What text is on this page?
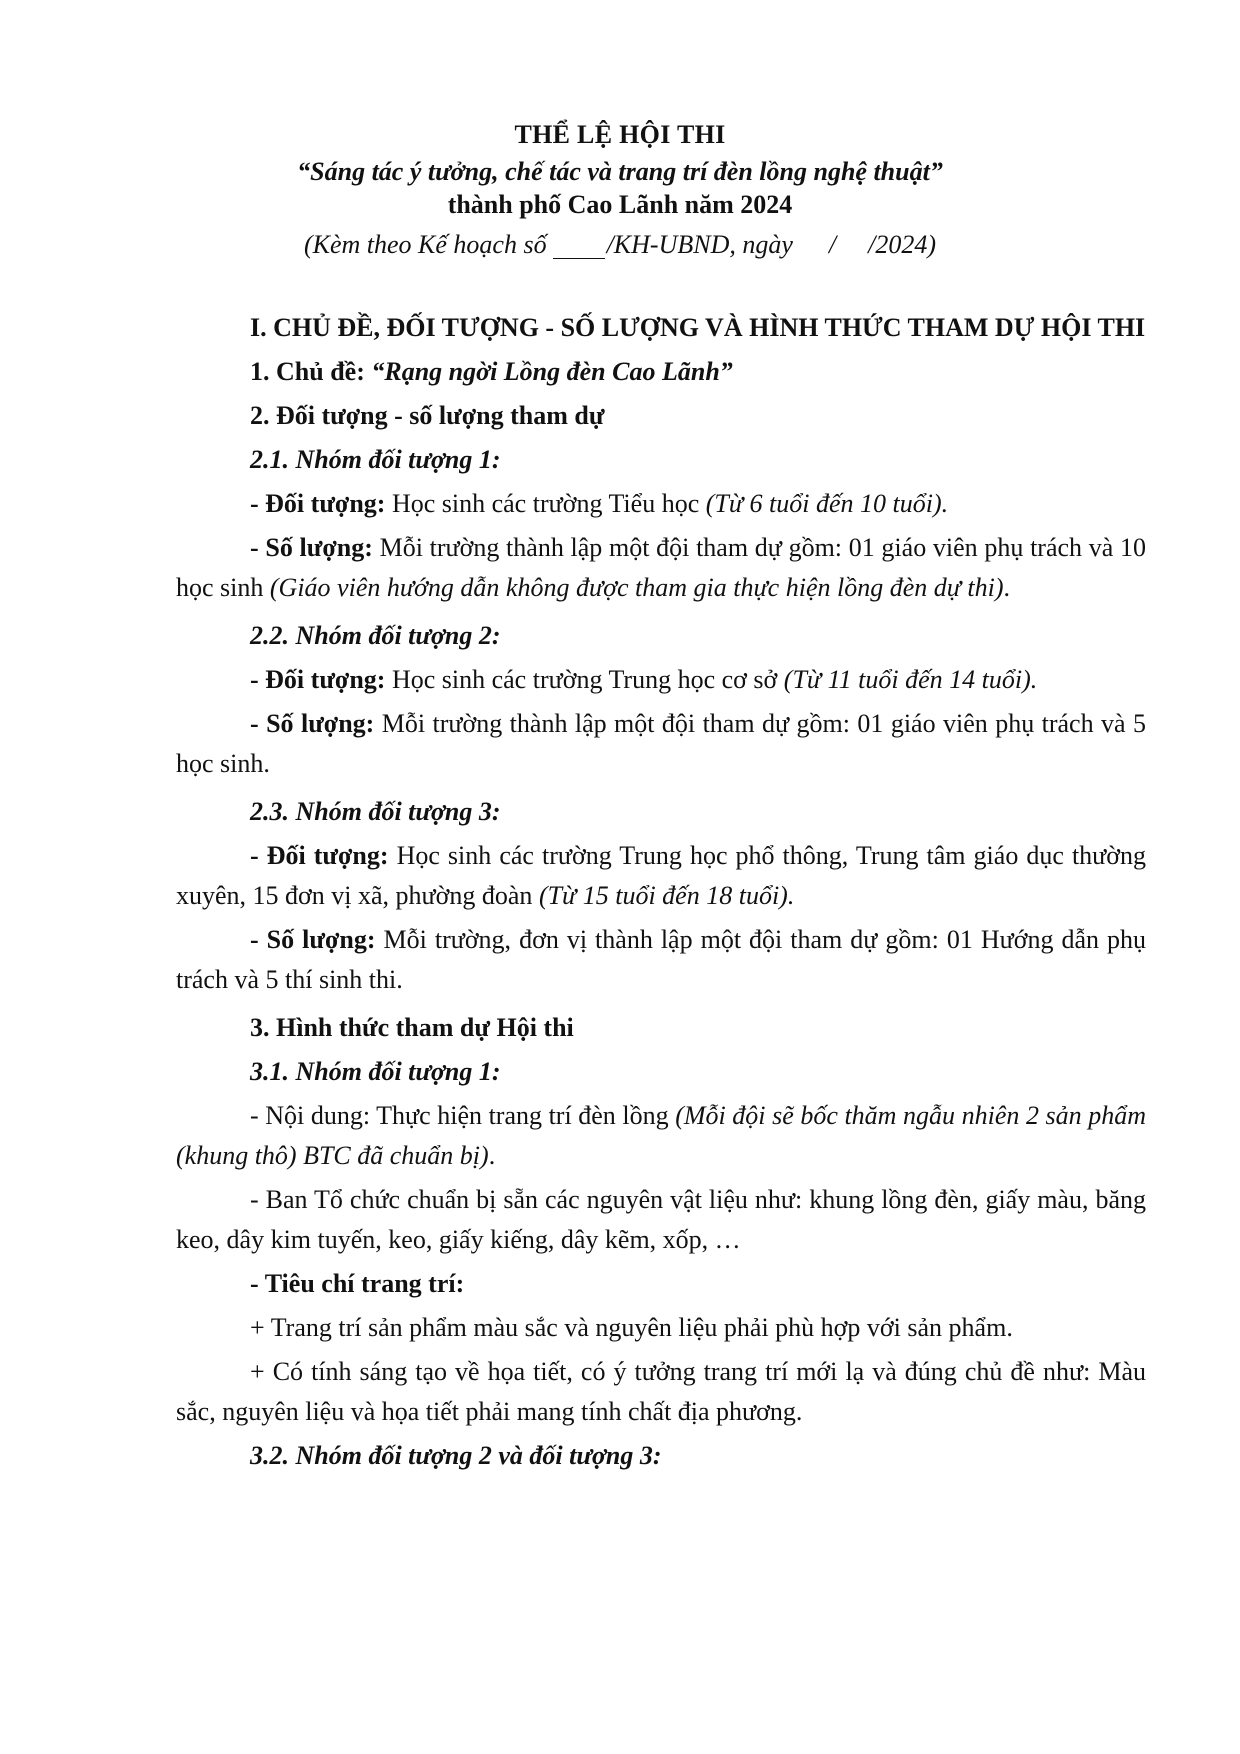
THỂ LỆ HỘI THI
“Sáng tác ý tưởng, chế tác và trang trí đèn lồng nghệ thuật”
thành phố Cao Lãnh năm 2024
(Kèm theo Kế hoạch số /KH-UBND, ngày / /2024)

I. CHỦ ĐỀ, ĐỐI TƯỢNG - SỐ LƯỢNG VÀ HÌNH THỨC THAM DỰ HỘI THI

1. Chủ đề: “Rạng ngời Lồng đèn Cao Lãnh”

2. Đối tượng - số lượng tham dự

2.1. Nhóm đối tượng 1:

- Đối tượng: Học sinh các trường Tiểu học (Từ 6 tuổi đến 10 tuổi).

- Số lượng: Mỗi trường thành lập một đội tham dự gồm: 01 giáo viên phụ trách và 10 học sinh (Giáo viên hướng dẫn không được tham gia thực hiện lồng đèn dự thi).

2.2. Nhóm đối tượng 2:

- Đối tượng: Học sinh các trường Trung học cơ sở (Từ 11 tuổi đến 14 tuổi).

- Số lượng: Mỗi trường thành lập một đội tham dự gồm: 01 giáo viên phụ trách và 5 học sinh.

2.3. Nhóm đối tượng 3:

- Đối tượng: Học sinh các trường Trung học phổ thông, Trung tâm giáo dục thường xuyên, 15 đơn vị xã, phường đoàn (Từ 15 tuổi đến 18 tuổi).

- Số lượng: Mỗi trường, đơn vị thành lập một đội tham dự gồm: 01 Hướng dẫn phụ trách và 5 thí sinh thi.

3. Hình thức tham dự Hội thi

3.1. Nhóm đối tượng 1:

- Nội dung: Thực hiện trang trí đèn lồng (Mỗi đội sẽ bốc thăm ngẫu nhiên 2 sản phẩm (khung thô) BTC đã chuẩn bị).

- Ban Tổ chức chuẩn bị sẵn các nguyên vật liệu như: khung lồng đèn, giấy màu, băng keo, dây kim tuyến, keo, giấy kiếng, dây kẽm, xốp, …

- Tiêu chí trang trí:

+ Trang trí sản phẩm màu sắc và nguyên liệu phải phù hợp với sản phẩm.

+ Có tính sáng tạo về họa tiết, có ý tưởng trang trí mới lạ và đúng chủ đề như: Màu sắc, nguyên liệu và họa tiết phải mang tính chất địa phương.

3.2. Nhóm đối tượng 2 và đối tượng 3:
